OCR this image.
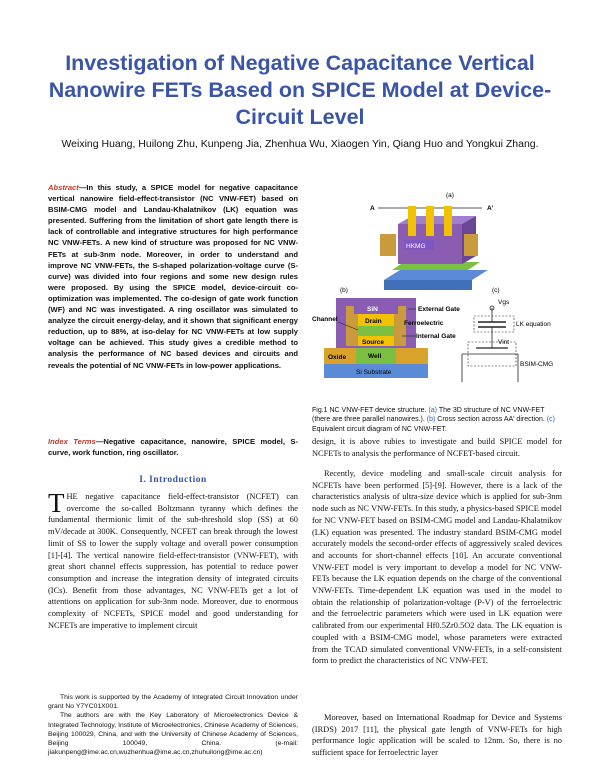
Investigation of Negative Capacitance Vertical Nanowire FETs Based on SPICE Model at Device-Circuit Level
Weixing Huang, Huilong Zhu, Kunpeng Jia, Zhenhua Wu, Xiaogen Yin, Qiang Huo and Yongkui Zhang.

Abstract—In this study, a SPICE model for negative capacitance vertical nanowire field-effect-transistor (NC VNW-FET) based on BSIM-CMG model and Landau-Khalatnikov (LK) equation was presented. Suffering from the limitation of short gate length there is lack of controllable and integrative structures for high performance NC VNW-FETs. A new kind of structure was proposed for NC VNW-FETs at sub-3nm node. Moreover, in order to understand and improve NC VNW-FETs, the S-shaped polarization-voltage curve (S-curve) was divided into four regions and some new design rules were proposed. By using the SPICE model, device-circuit co-optimization was implemented. The co-design of gate work function (WF) and NC was investigated. A ring oscillator was simulated to analyze the circuit energy-delay, and it shown that significant energy reduction, up to 88%, at iso-delay for NC VNW-FETs at low supply voltage can be achieved. This study gives a credible method to analysis the performance of NC based devices and circuits and reveals the potential of NC VNW-FETs in low-power applications.

Index Terms—Negative capacitance, nanowire, SPICE model, S-curve, work function, ring oscillator.

I. Introduction

THE negative capacitance field-effect-transistor (NCFET) can overcome the so-called Boltzmann tyranny which defines the fundamental thermionic limit of the sub-threshold slop (SS) at 60 mV/decade at 300K. Consequently, NCFET can break through the lowest limit of SS to lower the supply voltage and overall power consumption [1]-[4]. The vertical nanowire field-effect-transistor (VNW-FET), with great short channel effects suppression, has potential to reduce power consumption and increase the integration density of integrated circuits (ICs). Benefit from those advantages, NC VNW-FETs get a lot of attentions on application for sub-3nm node. Moreover, due to enormous complexity of NCFETs, SPICE model and good understanding for NCFETs are imperative to implement circuit

This work is supported by the Academy of Integrated Circuit Innovation under grant No Y7YC01X001.
The authors are with the Key Laboratory of Microelectronics Device & Integrated Technology, Institute of Microelectronics, Chinese Academy of Sciences, Beijing 100029, China, and with the University of Chinese Academy of Sciences, Beijing 100049, China. (e-mail: jiakunpeng@ime.ac.cn,wuzhenhua@ime.ac.cn,zhuhuilong@ime.ac.cn)
(a)
A	A'
HKMG
(b)	(c)
Si Substrate
Oxide	Well
SiN
Drain
Source
Channel
External Gate
Ferroelectric
Internal Gate
Vgs
LK equation
Vint
BSIM-CMG

Fig.1 NC VNW-FET device structure. (a) The 3D structure of NC VNW-FET (there are three parallel nanowires.). (b) Cross section across AA' direction. (c) Equivalent circuit diagram of NC VNW-FET.

design, it is above rubies to investigate and build SPICE model for NCFETs to analysis the performance of NCFET-based circuit.

Recently, device modeling and small-scale circuit analysis for NCFETs have been performed [5]-[9]. However, there is a lack of the characteristics analysis of ultra-size device which is applied for sub-3nm node such as NC VNW-FETs. In this study, a physics-based SPICE model for NC VNW-FET based on BSIM-CMG model and Landau-Khalatnikov (LK) equation was presented. The industry standard BSIM-CMG model accurately models the second-order effects of aggressively scaled devices and accounts for short-channel effects [10]. An accurate conventional VNW-FET model is very important to develop a model for NC VNW-FETs because the LK equation depends on the charge of the conventional VNW-FETs. Time-dependent LK equation was used in the model to obtain the relationship of polarization-voltage (P-V) of the ferroelectric and the ferroelectric parameters which were used in LK equation were calibrated from our experimental Hf0.5Zr0.5O2 data. The LK equation is coupled with a BSIM-CMG model, whose parameters were extracted from the TCAD simulated conventional VNW-FETs, in a self-consistent form to predict the characteristics of NC VNW-FET.

Moreover, based on International Roadmap for Device and Systems (IRDS) 2017 [11], the physical gate length of VNW-FETs for high performance logic application will be scaled to 12nm. So, there is no sufficient space for ferroelectric layer
